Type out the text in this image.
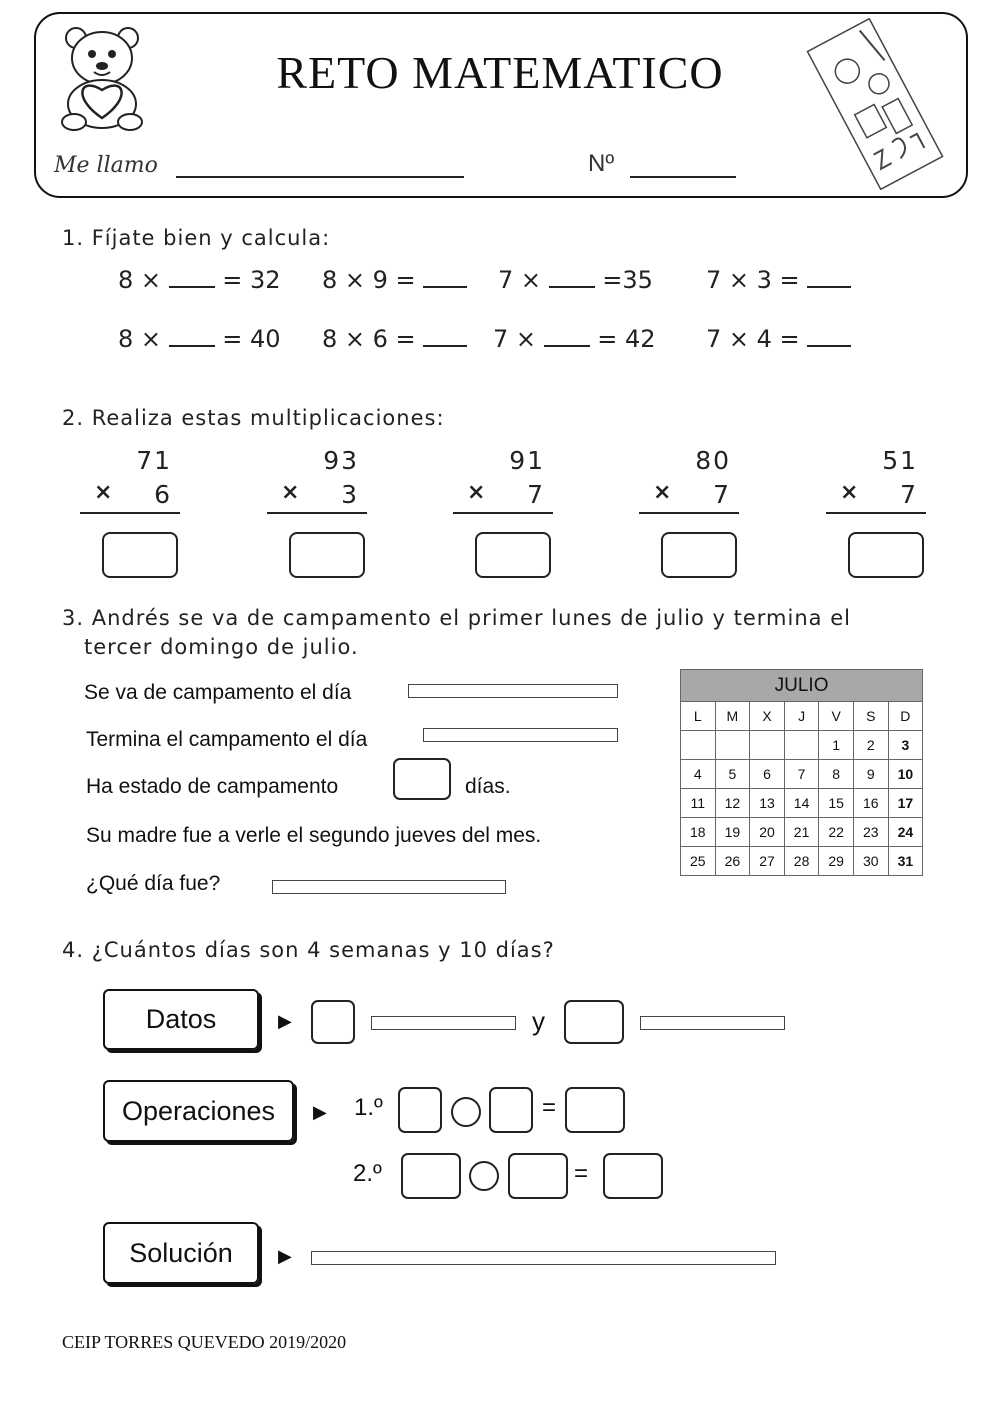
RETO MATEMATICO
Me llamo	Nº
1. Fíjate bien y calcula:
8 ×	= 32 8 × 9 =	7 ×	=35 7 × 3 =
8 ×	= 40 8 × 6 =	7 ×	= 42 7 × 4 =
2. Realiza estas multiplicaciones:
71
× 6
93
× 3
91
× 7
80
× 7
51
× 7
3. Andrés se va de campamento el primer lunes de julio y termina el
tercer domingo de julio.
Se va de campamento el día
Termina el campamento el día
Ha estado de campamento	días.
Su madre fue a verle el segundo jueves del mes.
¿Qué día fue?
JULIO						
L	M	X	J	V	S	D
				1	2	3
4	5	6	7	8	9	10
11	12	13	14	15	16	17
18	19	20	21	22	23	24
25	26	27	28	29	30	31
4. ¿Cuántos días son 4 semanas y 10 días?
Datos	▶	y
Operaciones	▶ 1.º	=
2.º	=
Solución	▶
CEIP TORRES QUEVEDO 2019/2020
